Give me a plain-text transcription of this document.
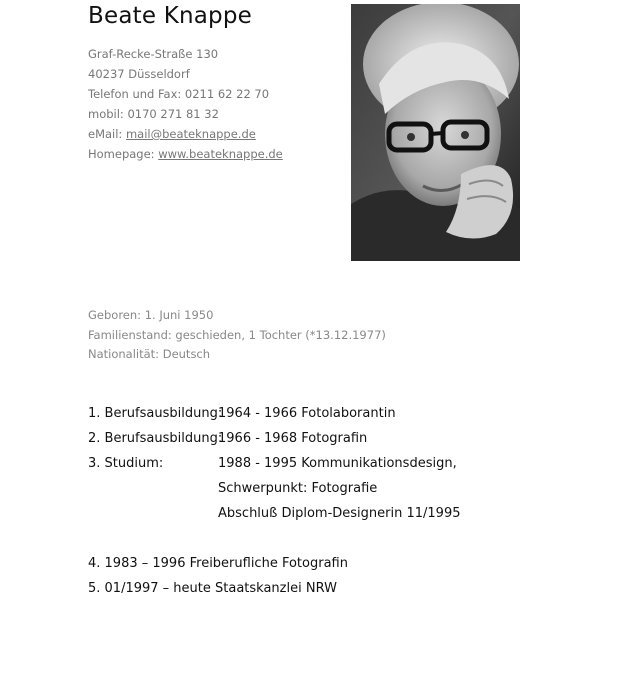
Beate Knappe
Graf-Recke-Straße 130
40237 Düsseldorf
Telefon und Fax: 0211 62 22 70
mobil: 0170 271 81 32
eMail: mail@beateknappe.de
Homepage: www.beateknappe.de
Geboren: 1. Juni 1950
Familienstand: geschieden, 1 Tochter (*13.12.1977)
Nationalität: Deutsch
1. Berufsausbildung:1964 - 1966 Fotolaborantin
2. Berufsausbildung:1966 - 1968 Fotografin
3. Studium:	1988 - 1995 Kommunikationsdesign,
Schwerpunkt: Fotografie
Abschluß Diplom-Designerin 11/1995
4. 1983 – 1996 Freiberufliche Fotografin
5. 01/1997 – heute Staatskanzlei NRW
